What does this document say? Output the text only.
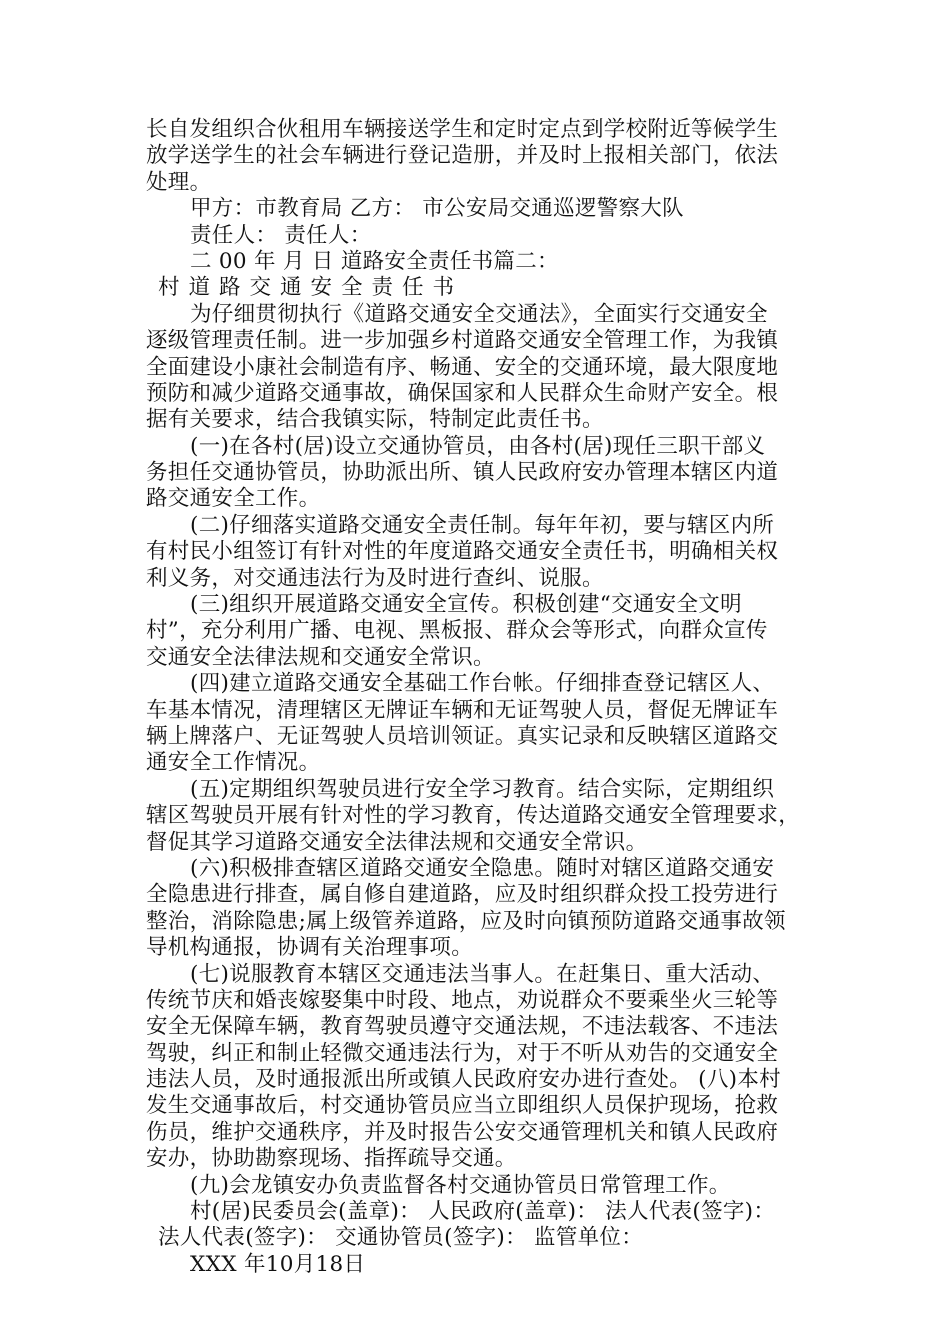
长自发组织合伙租用车辆接送学生和定时定点到学校附近等候学生
放学送学生的社会车辆进行登记造册，并及时上报相关部门，依法
处理。
甲方：市教育局 乙方： 市公安局交通巡逻警察大队
责任人： 责任人：
二 00 年 月 日 道路安全责任书篇二：
村道路交通安全责任书
为仔细贯彻执行《道路交通安全交通法》，全面实行交通安全
逐级管理责任制。进一步加强乡村道路交通安全管理工作，为我镇
全面建设小康社会制造有序、畅通、安全的交通环境，最大限度地
预防和减少道路交通事故，确保国家和人民群众生命财产安全。根
据有关要求，结合我镇实际，特制定此责任书。
(一)在各村(居)设立交通协管员，由各村(居)现任三职干部义
务担任交通协管员，协助派出所、镇人民政府安办管理本辖区内道
路交通安全工作。
(二)仔细落实道路交通安全责任制。每年年初，要与辖区内所
有村民小组签订有针对性的年度道路交通安全责任书，明确相关权
利义务，对交通违法行为及时进行查纠、说服。
(三)组织开展道路交通安全宣传。积极创建“交通安全文明
村”，充分利用广播、电视、黑板报、群众会等形式，向群众宣传
交通安全法律法规和交通安全常识。
(四)建立道路交通安全基础工作台帐。仔细排查登记辖区人、
车基本情况，清理辖区无牌证车辆和无证驾驶人员，督促无牌证车
辆上牌落户、无证驾驶人员培训领证。真实记录和反映辖区道路交
通安全工作情况。
(五)定期组织驾驶员进行安全学习教育。结合实际，定期组织
辖区驾驶员开展有针对性的学习教育，传达道路交通安全管理要求，
督促其学习道路交通安全法律法规和交通安全常识。
(六)积极排查辖区道路交通安全隐患。随时对辖区道路交通安
全隐患进行排查，属自修自建道路，应及时组织群众投工投劳进行
整治，消除隐患;属上级管养道路，应及时向镇预防道路交通事故领
导机构通报，协调有关治理事项。
(七)说服教育本辖区交通违法当事人。在赶集日、重大活动、
传统节庆和婚丧嫁娶集中时段、地点，劝说群众不要乘坐火三轮等
安全无保障车辆，教育驾驶员遵守交通法规，不违法载客、不违法
驾驶，纠正和制止轻微交通违法行为，对于不听从劝告的交通安全
违法人员，及时通报派出所或镇人民政府安办进行查处。 (八)本村
发生交通事故后，村交通协管员应当立即组织人员保护现场，抢救
伤员，维护交通秩序，并及时报告公安交通管理机关和镇人民政府
安办，协助勘察现场、指挥疏导交通。
(九)会龙镇安办负责监督各村交通协管员日常管理工作。
村(居)民委员会(盖章)： 人民政府(盖章)： 法人代表(签字)：
法人代表(签字)： 交通协管员(签字)： 监管单位：
XXX 年10月18日
